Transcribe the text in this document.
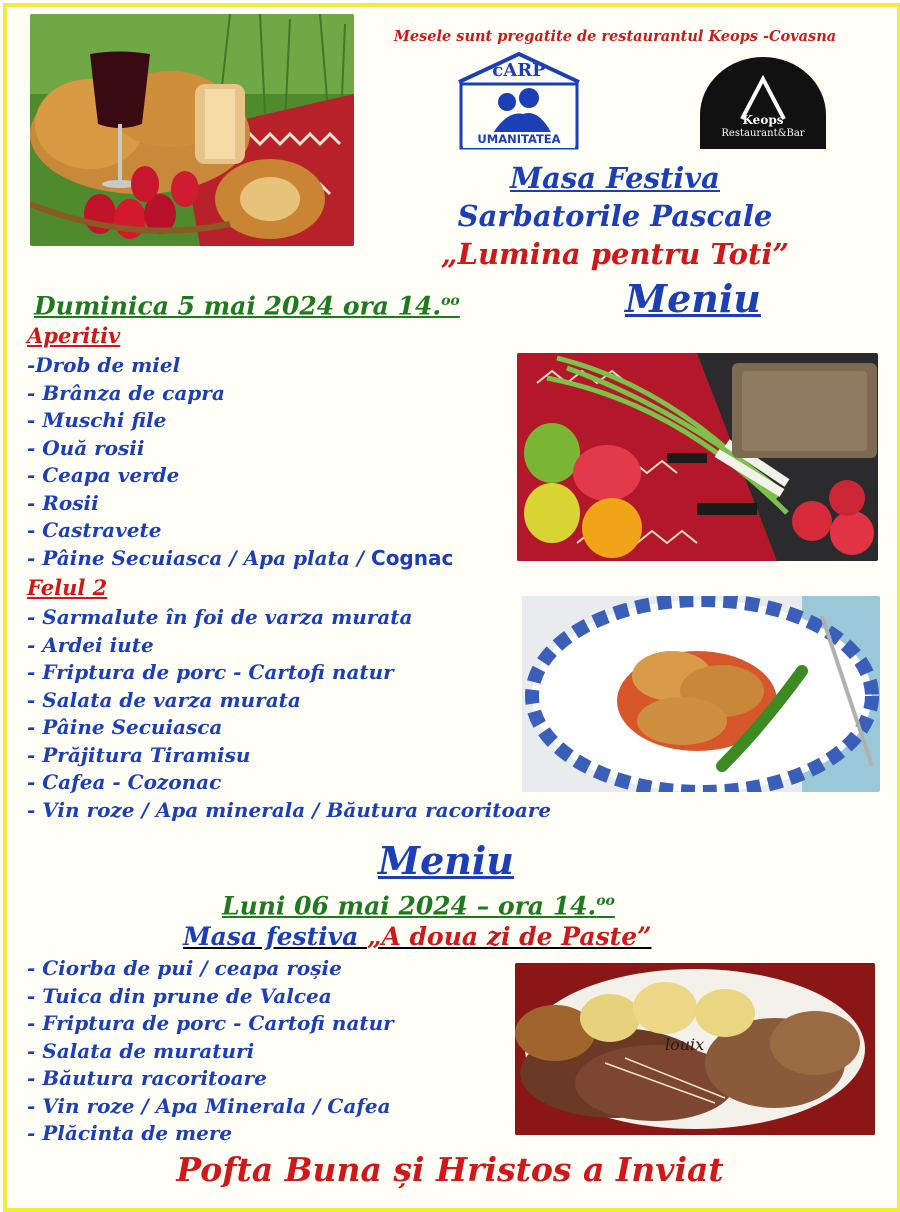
Mesele sunt pregatite de restaurantul Keops -Covasna
cARP
UMANITATEA
Keops
Restaurant&Bar
Masa Festiva
Sarbatorile Pascale
„Lumina pentru Toti”
Duminica 5 mai 2024 ora 14.$^{oo}$	Meniu
Aperitiv
-Drob de miel
- Brânza de capra
- Muschi file
- Ouă rosii
- Ceapa verde
- Rosii
- Castravete
- Pâine Secuiasca / Apa plata / Cognac
Felul 2
- Sarmalute în foi de varza murata
- Ardei iute
- Friptura de porc - Cartofi natur
- Salata de varza murata
- Pâine Secuiasca
- Prăjitura Tiramisu
- Cafea - Cozonac
- Vin roze / Apa minerala / Băutura racoritoare
Meniu
Luni 06 mai 2024 – ora 14.$^{oo}$
Masa festiva „A doua zi de Paste”
- Ciorba de pui / ceapa roșie
- Tuica din prune de Valcea
- Friptura de porc - Cartofi natur
- Salata de muraturi
- Băutura racoritoare
- Vin roze / Apa Minerala / Cafea
- Plăcinta de mere
louix
Pofta Buna și Hristos a Inviat
